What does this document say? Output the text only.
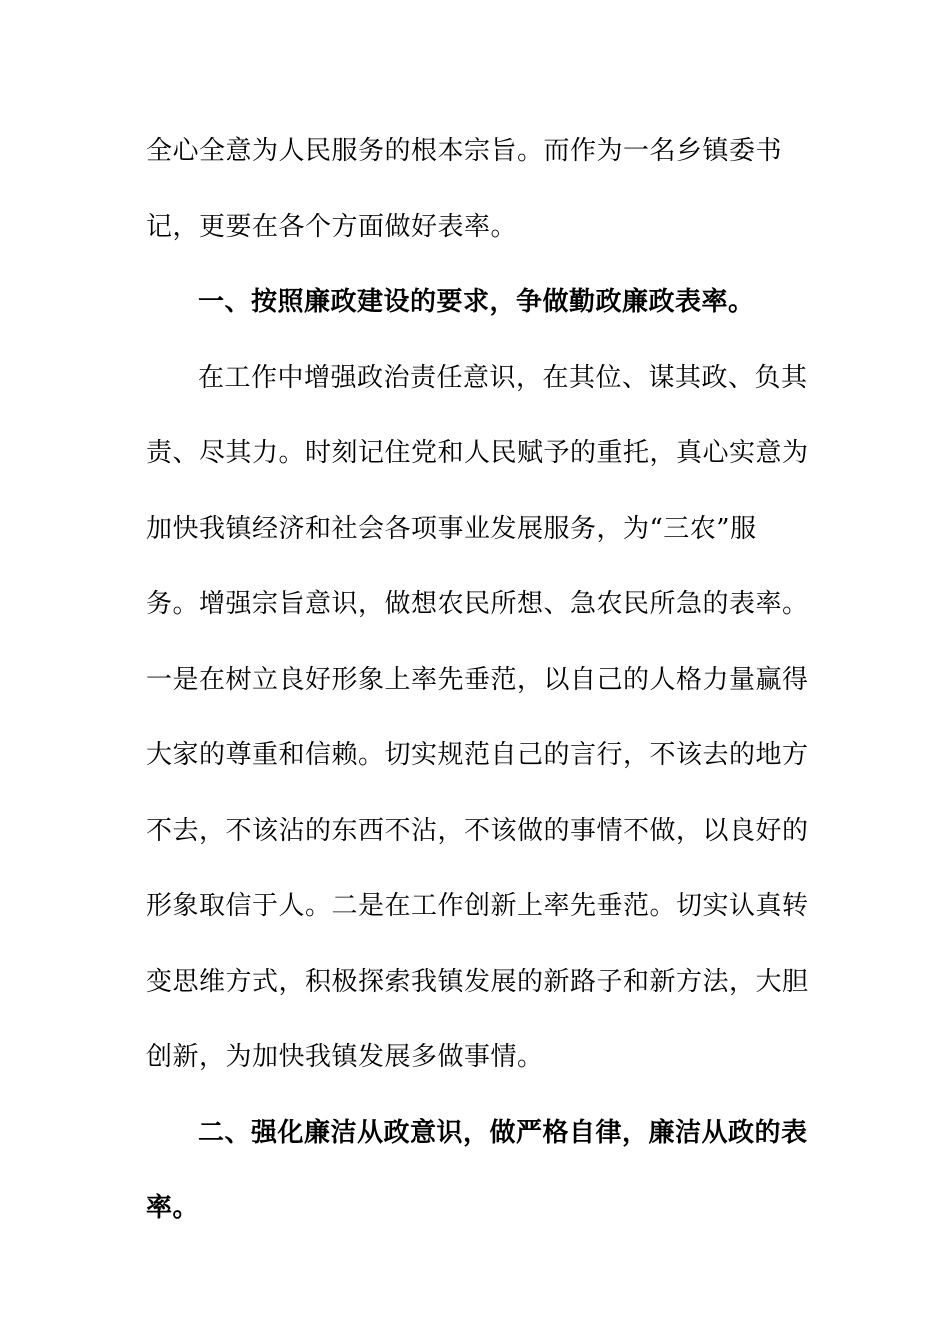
全心全意为人民服务的根本宗旨。而作为一名乡镇委书
记，更要在各个方面做好表率。
一、按照廉政建设的要求，争做勤政廉政表率。
在工作中增强政治责任意识，在其位、谋其政、负其
责、尽其力。时刻记住党和人民赋予的重托，真心实意为
加快我镇经济和社会各项事业发展服务，为“三农”服
务。增强宗旨意识，做想农民所想、急农民所急的表率。
一是在树立良好形象上率先垂范，以自己的人格力量赢得
大家的尊重和信赖。切实规范自己的言行，不该去的地方
不去，不该沾的东西不沾，不该做的事情不做，以良好的
形象取信于人。二是在工作创新上率先垂范。切实认真转
变思维方式，积极探索我镇发展的新路子和新方法，大胆
创新，为加快我镇发展多做事情。
二、强化廉洁从政意识，做严格自律，廉洁从政的表
率。
